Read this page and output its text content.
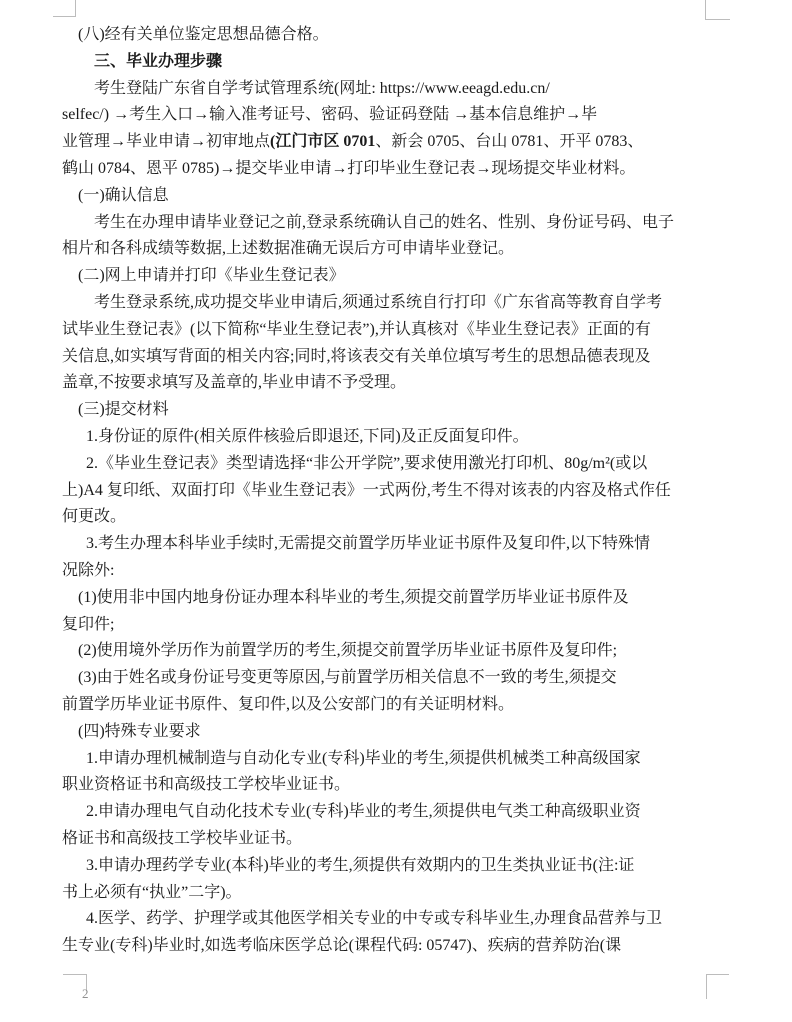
(八)经有关单位鉴定思想品德合格。
三、毕业办理步骤
考生登陆广东省自学考试管理系统(网址: https://www.eeagd.edu.cn/
selfec/) →考生入口→输入准考证号、密码、验证码登陆 →基本信息维护→毕
业管理→毕业申请→初审地点(江门市区 0701、新会 0705、台山 0781、开平 0783、
鹤山 0784、恩平 0785)→提交毕业申请→打印毕业生登记表→现场提交毕业材料。
(一)确认信息
考生在办理申请毕业登记之前,登录系统确认自己的姓名、性别、身份证号码、电子
相片和各科成绩等数据,上述数据准确无误后方可申请毕业登记。
(二)网上申请并打印《毕业生登记表》
考生登录系统,成功提交毕业申请后,须通过系统自行打印《广东省高等教育自学考
试毕业生登记表》(以下简称“毕业生登记表”),并认真核对《毕业生登记表》正面的有
关信息,如实填写背面的相关内容;同时,将该表交有关单位填写考生的思想品德表现及
盖章,不按要求填写及盖章的,毕业申请不予受理。
(三)提交材料
1.身份证的原件(相关原件核验后即退还,下同)及正反面复印件。
2.《毕业生登记表》类型请选择“非公开学院”,要求使用激光打印机、80g/m²(或以
上)A4 复印纸、双面打印《毕业生登记表》一式两份,考生不得对该表的内容及格式作任
何更改。
3.考生办理本科毕业手续时,无需提交前置学历毕业证书原件及复印件,以下特殊情
况除外:
(1)使用非中国内地身份证办理本科毕业的考生,须提交前置学历毕业证书原件及
复印件;
(2)使用境外学历作为前置学历的考生,须提交前置学历毕业证书原件及复印件;
(3)由于姓名或身份证号变更等原因,与前置学历相关信息不一致的考生,须提交
前置学历毕业证书原件、复印件,以及公安部门的有关证明材料。
(四)特殊专业要求
1.申请办理机械制造与自动化专业(专科)毕业的考生,须提供机械类工种高级国家
职业资格证书和高级技工学校毕业证书。
2.申请办理电气自动化技术专业(专科)毕业的考生,须提供电气类工种高级职业资
格证书和高级技工学校毕业证书。
3.申请办理药学专业(本科)毕业的考生,须提供有效期内的卫生类执业证书(注:证
书上必须有“执业”二字)。
4.医学、药学、护理学或其他医学相关专业的中专或专科毕业生,办理食品营养与卫
生专业(专科)毕业时,如选考临床医学总论(课程代码: 05747)、疾病的营养防治(课
2
